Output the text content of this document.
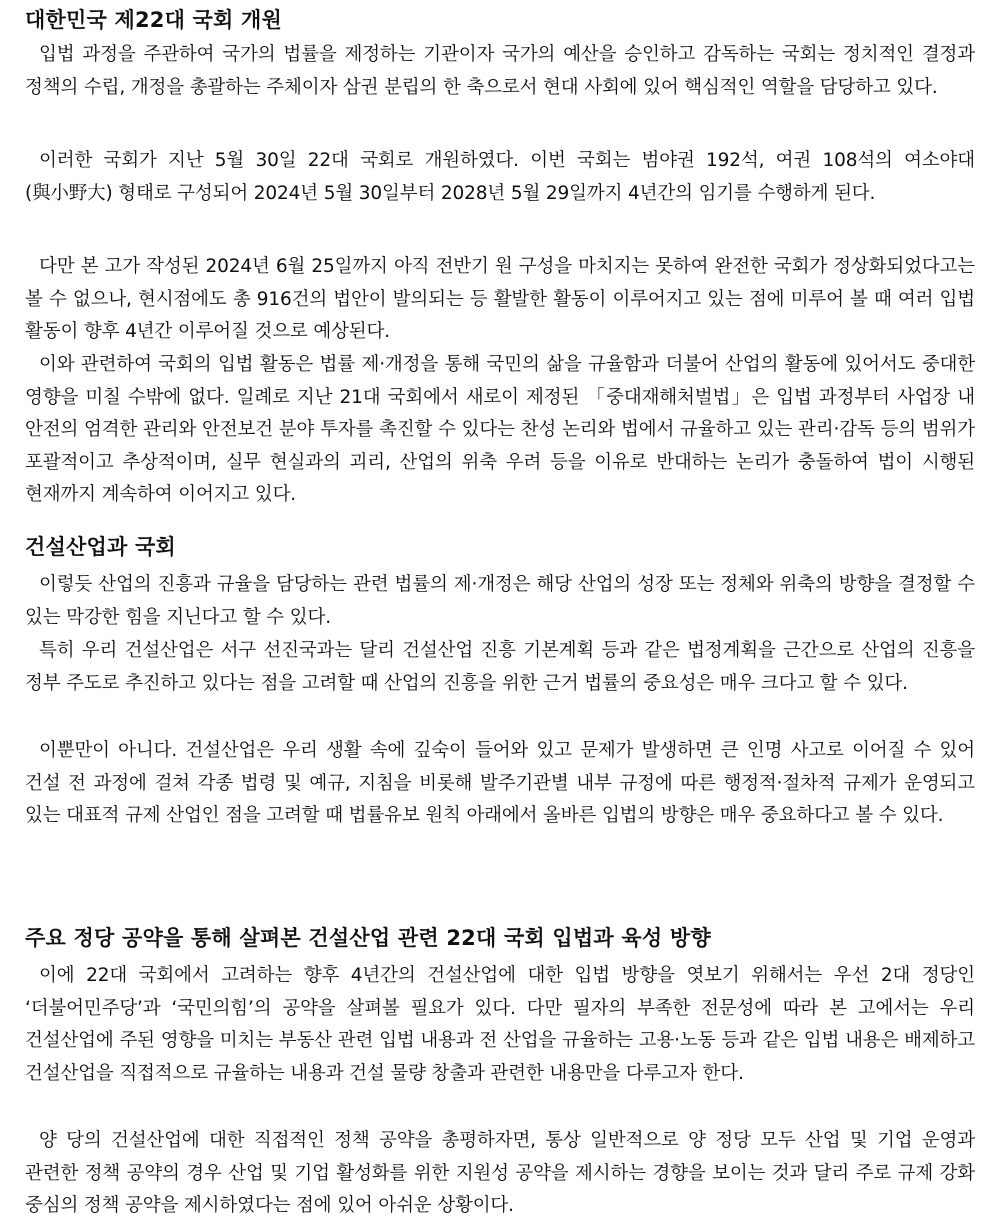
대한민국 제22대 국회 개원

입법 과정을 주관하여 국가의 법률을 제정하는 기관이자 국가의 예산을 승인하고 감독하는 국회는 정치적인 결정과 정책의 수립, 개정을 총괄하는 주체이자 삼권 분립의 한 축으로서 현대 사회에 있어 핵심적인 역할을 담당하고 있다.

이러한 국회가 지난 5월 30일 22대 국회로 개원하였다. 이번 국회는 범야권 192석, 여권 108석의 여소야대(與小野大) 형태로 구성되어 2024년 5월 30일부터 2028년 5월 29일까지 4년간의 임기를 수행하게 된다.

다만 본 고가 작성된 2024년 6월 25일까지 아직 전반기 원 구성을 마치지는 못하여 완전한 국회가 정상화되었다고는 볼 수 없으나, 현시점에도 총 916건의 법안이 발의되는 등 활발한 활동이 이루어지고 있는 점에 미루어 볼 때 여러 입법 활동이 향후 4년간 이루어질 것으로 예상된다.

이와 관련하여 국회의 입법 활동은 법률 제·개정을 통해 국민의 삶을 규율함과 더불어 산업의 활동에 있어서도 중대한 영향을 미칠 수밖에 없다. 일례로 지난 21대 국회에서 새로이 제정된 「중대재해처벌법」은 입법 과정부터 사업장 내 안전의 엄격한 관리와 안전보건 분야 투자를 촉진할 수 있다는 찬성 논리와 법에서 규율하고 있는 관리·감독 등의 범위가 포괄적이고 추상적이며, 실무 현실과의 괴리, 산업의 위축 우려 등을 이유로 반대하는 논리가 충돌하여 법이 시행된 현재까지 계속하여 이어지고 있다.

건설산업과 국회

이렇듯 산업의 진흥과 규율을 담당하는 관련 법률의 제·개정은 해당 산업의 성장 또는 정체와 위축의 방향을 결정할 수 있는 막강한 힘을 지닌다고 할 수 있다.

특히 우리 건설산업은 서구 선진국과는 달리 건설산업 진흥 기본계획 등과 같은 법정계획을 근간으로 산업의 진흥을 정부 주도로 추진하고 있다는 점을 고려할 때 산업의 진흥을 위한 근거 법률의 중요성은 매우 크다고 할 수 있다.

이뿐만이 아니다. 건설산업은 우리 생활 속에 깊숙이 들어와 있고 문제가 발생하면 큰 인명 사고로 이어질 수 있어 건설 전 과정에 걸쳐 각종 법령 및 예규, 지침을 비롯해 발주기관별 내부 규정에 따른 행정적·절차적 규제가 운영되고 있는 대표적 규제 산업인 점을 고려할 때 법률유보 원칙 아래에서 올바른 입법의 방향은 매우 중요하다고 볼 수 있다.

주요 정당 공약을 통해 살펴본 건설산업 관련 22대 국회 입법과 육성 방향

이에 22대 국회에서 고려하는 향후 4년간의 건설산업에 대한 입법 방향을 엿보기 위해서는 우선 2대 정당인 ‘더불어민주당’과 ‘국민의힘’의 공약을 살펴볼 필요가 있다. 다만 필자의 부족한 전문성에 따라 본 고에서는 우리 건설산업에 주된 영향을 미치는 부동산 관련 입법 내용과 전 산업을 규율하는 고용·노동 등과 같은 입법 내용은 배제하고 건설산업을 직접적으로 규율하는 내용과 건설 물량 창출과 관련한 내용만을 다루고자 한다.

양 당의 건설산업에 대한 직접적인 정책 공약을 총평하자면, 통상 일반적으로 양 정당 모두 산업 및 기업 운영과 관련한 정책 공약의 경우 산업 및 기업 활성화를 위한 지원성 공약을 제시하는 경향을 보이는 것과 달리 주로 규제 강화 중심의 정책 공약을 제시하였다는 점에 있어 아쉬운 상황이다.
